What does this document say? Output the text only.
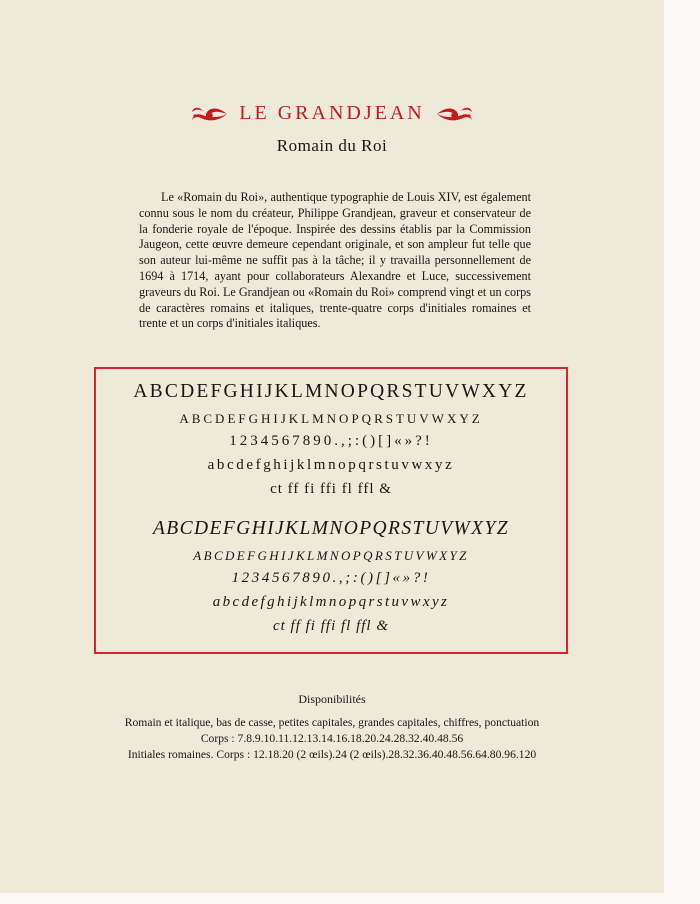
LE GRANDJEAN
Romain du Roi

Le «Romain du Roi», authentique typographie de Louis XIV, est également connu sous le nom du créateur, Philippe Grandjean, graveur et conservateur de la fonderie royale de l'époque. Inspirée des dessins établis par la Commission Jaugeon, cette œuvre demeure cependant originale, et son ampleur fut telle que son auteur lui-même ne suffit pas à la tâche; il y travailla personnellement de 1694 à 1714, ayant pour collaborateurs Alexandre et Luce, successivement graveurs du Roi. Le Grandjean ou «Romain du Roi» comprend vingt et un corps de caractères romains et italiques, trente-quatre corps d'initiales romaines et trente et un corps d'initiales italiques.

ABCDEFGHIJKLMNOPQRSTUVWXYZ
ABCDEFGHIJKLMNOPQRSTUVWXYZ
1234567890.,;:()[]«»?!
abcdefghijklmnopqrstuvwxyz
ct ff fi ffi fl ffl &
ABCDEFGHIJKLMNOPQRSTUVWXYZ
ABCDEFGHIJKLMNOPQRSTUVWXYZ
1234567890.,;:()[]«»?!
abcdefghijklmnopqrstuvwxyz
ct ff fi ffi fl ffl &
Disponibilités
Romain et italique, bas de casse, petites capitales, grandes capitales, chiffres, ponctuation
Corps : 7.8.9.10.11.12.13.14.16.18.20.24.28.32.40.48.56
Initiales romaines. Corps : 12.18.20 (2 œils).24 (2 œils).28.32.36.40.48.56.64.80.96.120
